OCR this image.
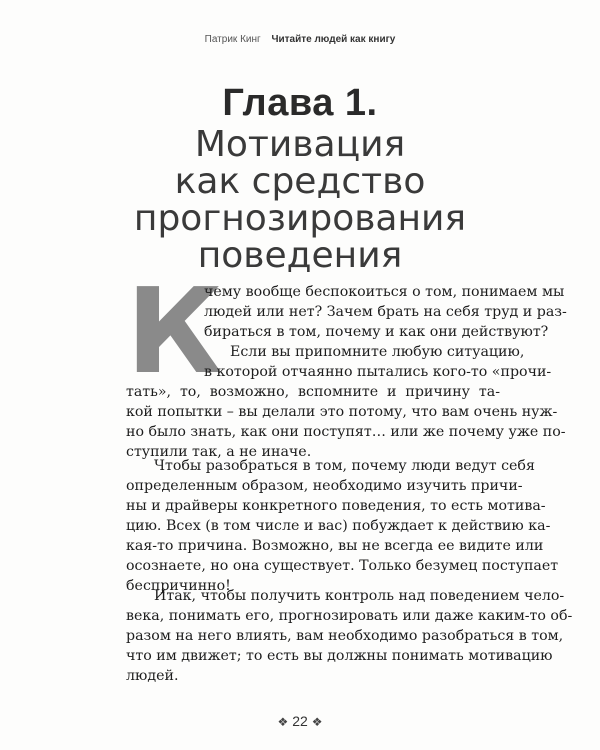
Патрик Кинг Читайте людей как книгу
Глава 1.
Мотивация
как средство
прогнозирования
поведения
К
чему вообще беспокоиться о том, понимаем мы
людей или нет? Зачем брать на себя труд и раз-
бираться в том, почему и как они действуют?
Если вы припомните любую ситуацию,
в которой отчаянно пытались кого-то «прочи-
тать», то, возможно, вспомните и причину та-
кой попытки – вы делали это потому, что вам очень нуж-
но было знать, как они поступят… или же почему уже по-
ступили так, а не иначе.
Чтобы разобраться в том, почему люди ведут себя
определенным образом, необходимо изучить причи-
ны и драйверы конкретного поведения, то есть мотива-
цию. Всех (в том числе и вас) побуждает к действию ка-
кая-то причина. Возможно, вы не всегда ее видите или
осознаете, но она существует. Только безумец поступает
беспричинно!
Итак, чтобы получить контроль над поведением чело-
века, понимать его, прогнозировать или даже каким-то об-
разом на него влиять, вам необходимо разобраться в том,
что им движет; то есть вы должны понимать мотивацию
людей.
❖ 22 ❖
